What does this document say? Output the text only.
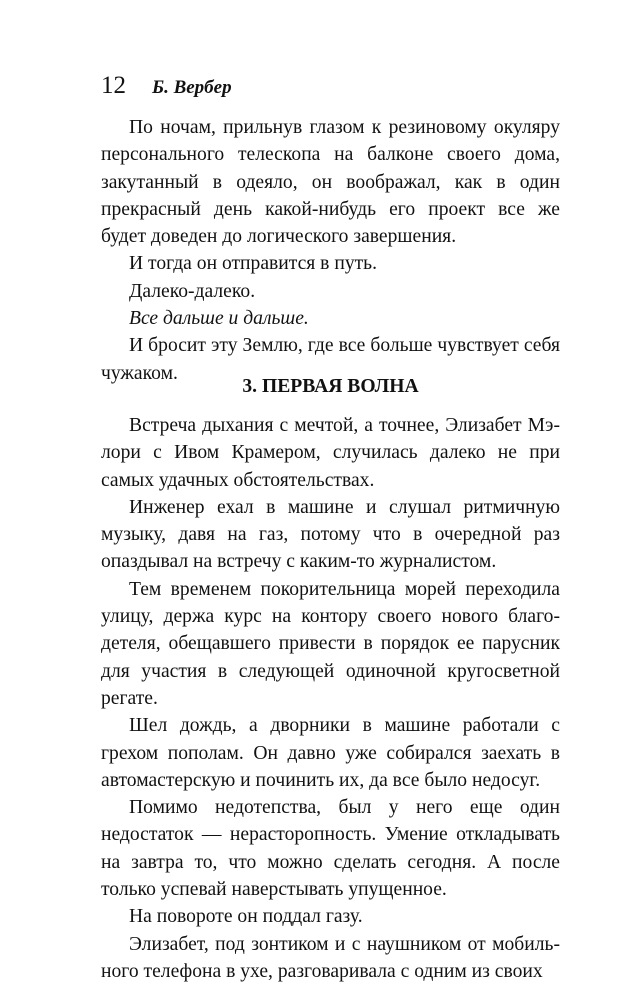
12 Б. Вербер

По ночам, прильнув глазом к резиновому окуляру персонального телескопа на балконе своего дома, закутанный в одеяло, он воображал, как в один прекрасный день какой-нибудь его проект все же будет доведен до логического завершения.

И тогда он отправится в путь.

Далеко-далеко.

Все дальше и дальше.

И бросит эту Землю, где все больше чувствует себя чужаком.

3. ПЕРВАЯ ВОЛНА

Встреча дыхания с мечтой, а точнее, Элизабет Мэлори с Ивом Крамером, случилась далеко не при самых удачных обстоятельствах.

Инженер ехал в машине и слушал ритмичную музыку, давя на газ, потому что в очередной раз опаздывал на встречу с каким-то журналистом.

Тем временем покорительница морей переходила улицу, держа курс на контору своего нового благодетеля, обещавшего привести в порядок ее парусник для участия в следующей одиночной кругосветной регате.

Шел дождь, а дворники в машине работали с грехом пополам. Он давно уже собирался заехать в автомастерскую и починить их, да все было недосуг.

Помимо недотепства, был у него еще один недостаток — нерасторопность. Умение откладывать на завтра то, что можно сделать сегодня. А после только успевай наверстывать упущенное.

На повороте он поддал газу.

Элизабет, под зонтиком и с наушником от мобильного телефона в ухе, разговаривала с одним из своих
